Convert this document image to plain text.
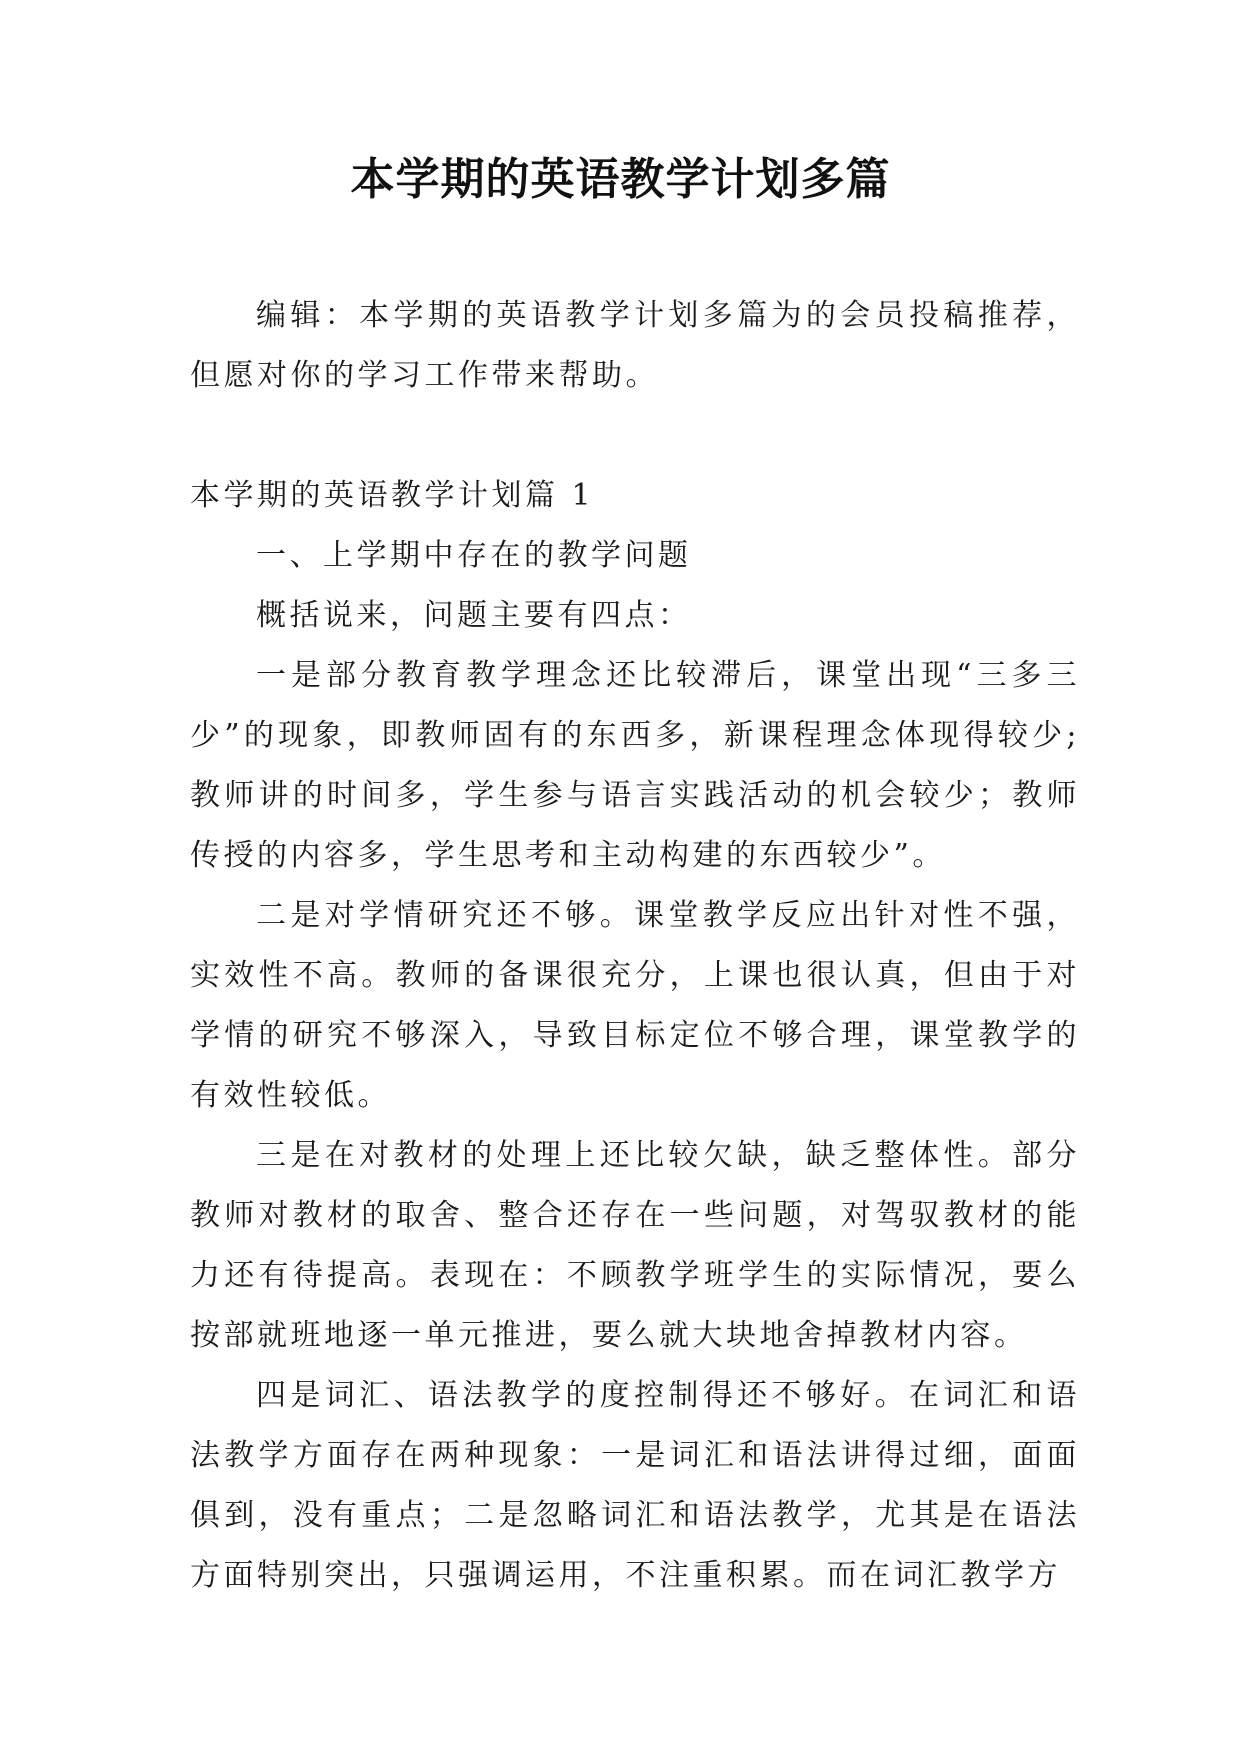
本学期的英语教学计划多篇

编辑：本学期的英语教学计划多篇为的会员投稿推荐，但愿对你的学习工作带来帮助。

本学期的英语教学计划篇 1

一、上学期中存在的教学问题

概括说来，问题主要有四点：

一是部分教育教学理念还比较滞后，课堂出现“三多三少”的现象，即教师固有的东西多，新课程理念体现得较少;教师讲的时间多，学生参与语言实践活动的机会较少；教师传授的内容多，学生思考和主动构建的东西较少”。

二是对学情研究还不够。课堂教学反应出针对性不强，实效性不高。教师的备课很充分，上课也很认真，但由于对学情的研究不够深入，导致目标定位不够合理，课堂教学的有效性较低。

三是在对教材的处理上还比较欠缺，缺乏整体性。部分教师对教材的取舍、整合还存在一些问题，对驾驭教材的能力还有待提高。表现在：不顾教学班学生的实际情况，要么按部就班地逐一单元推进，要么就大块地舍掉教材内容。

四是词汇、语法教学的度控制得还不够好。在词汇和语法教学方面存在两种现象：一是词汇和语法讲得过细，面面俱到，没有重点；二是忽略词汇和语法教学，尤其是在语法方面特别突出，只强调运用，不注重积累。而在词汇教学方
